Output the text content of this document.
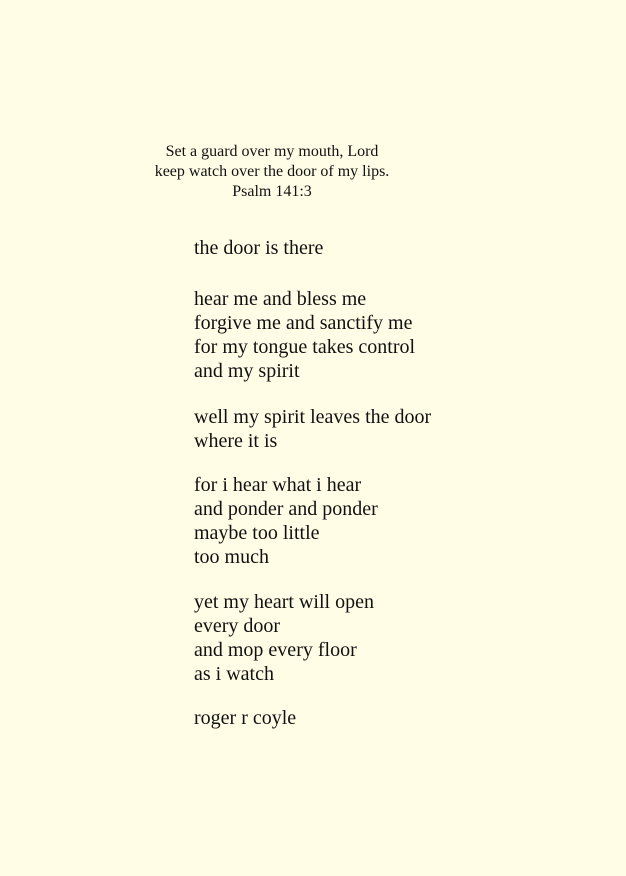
Set a guard over my mouth, Lord
keep watch over the door of my lips.
Psalm 141:3
the door is there
hear me and bless me
forgive me and sanctify me
for my tongue takes control
and my spirit
well my spirit leaves the door
where it is
for i hear what i hear
and ponder and ponder
maybe too little
too much
yet my heart will open
every door
and mop every floor
as i watch
roger r coyle
